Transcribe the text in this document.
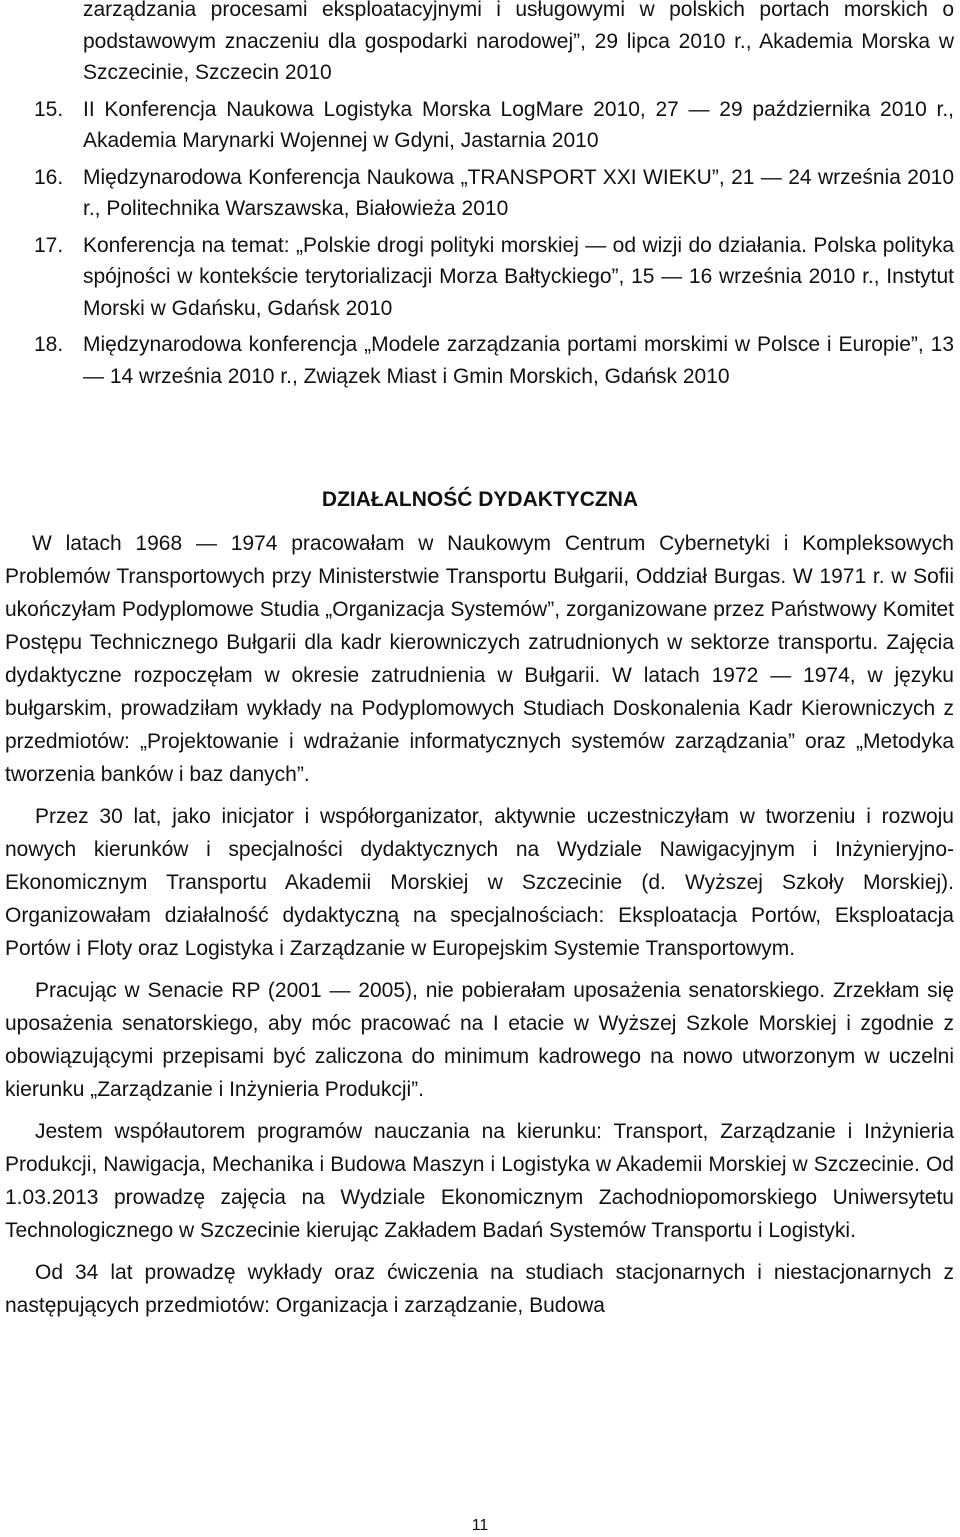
zarządzania procesami eksploatacyjnymi i usługowymi w polskich portach morskich o podstawowym znaczeniu dla gospodarki narodowej”, 29 lipca 2010 r., Akademia Morska w Szczecinie, Szczecin 2010
15. II Konferencja Naukowa Logistyka Morska LogMare 2010, 27 — 29 października 2010 r., Akademia Marynarki Wojennej w Gdyni, Jastarnia 2010
16. Międzynarodowa Konferencja Naukowa „TRANSPORT XXI WIEKU”, 21 — 24 września 2010 r., Politechnika Warszawska, Białowieża 2010
17. Konferencja na temat: „Polskie drogi polityki morskiej — od wizji do działania. Polska polityka spójności w kontekście terytorializacji Morza Bałtyckiego”, 15 — 16 września 2010 r., Instytut Morski w Gdańsku, Gdańsk 2010
18. Międzynarodowa konferencja „Modele zarządzania portami morskimi w Polsce i Europie”, 13 — 14 września 2010 r., Związek Miast i Gmin Morskich, Gdańsk 2010
DZIAŁALNOŚĆ DYDAKTYCZNA

W latach 1968 — 1974 pracowałam w Naukowym Centrum Cybernetyki i Kompleksowych Problemów Transportowych przy Ministerstwie Transportu Bułgarii, Oddział Burgas. W 1971 r. w Sofii ukończyłam Podyplomowe Studia „Organizacja Systemów”, zorganizowane przez Państwowy Komitet Postępu Technicznego Bułgarii dla kadr kierowniczych zatrudnionych w sektorze transportu. Zajęcia dydaktyczne rozpoczęłam w okresie zatrudnienia w Bułgarii. W latach 1972 — 1974, w języku bułgarskim, prowadziłam wykłady na Podyplomowych Studiach Doskonalenia Kadr Kierowniczych z przedmiotów: „Projektowanie i wdrażanie informatycznych systemów zarządzania” oraz „Metodyka tworzenia banków i baz danych”.

Przez 30 lat, jako inicjator i współorganizator, aktywnie uczestniczyłam w tworzeniu i rozwoju nowych kierunków i specjalności dydaktycznych na Wydziale Nawigacyjnym i Inżynieryjno-Ekonomicznym Transportu Akademii Morskiej w Szczecinie (d. Wyższej Szkoły Morskiej). Organizowałam działalność dydaktyczną na specjalnościach: Eksploatacja Portów, Eksploatacja Portów i Floty oraz Logistyka i Zarządzanie w Europejskim Systemie Transportowym.

Pracując w Senacie RP (2001 — 2005), nie pobierałam uposażenia senatorskiego. Zrzekłam się uposażenia senatorskiego, aby móc pracować na I etacie w Wyższej Szkole Morskiej i zgodnie z obowiązującymi przepisami być zaliczona do minimum kadrowego na nowo utworzonym w uczelni kierunku „Zarządzanie i Inżynieria Produkcji”.

Jestem współautorem programów nauczania na kierunku: Transport, Zarządzanie i Inżynieria Produkcji, Nawigacja, Mechanika i Budowa Maszyn i Logistyka w Akademii Morskiej w Szczecinie. Od 1.03.2013 prowadzę zajęcia na Wydziale Ekonomicznym Zachodniopomorskiego Uniwersytetu Technologicznego w Szczecinie kierując Zakładem Badań Systemów Transportu i Logistyki.

Od 34 lat prowadzę wykłady oraz ćwiczenia na studiach stacjonarnych i niestacjonarnych z następujących przedmiotów: Organizacja i zarządzanie, Budowa

11
